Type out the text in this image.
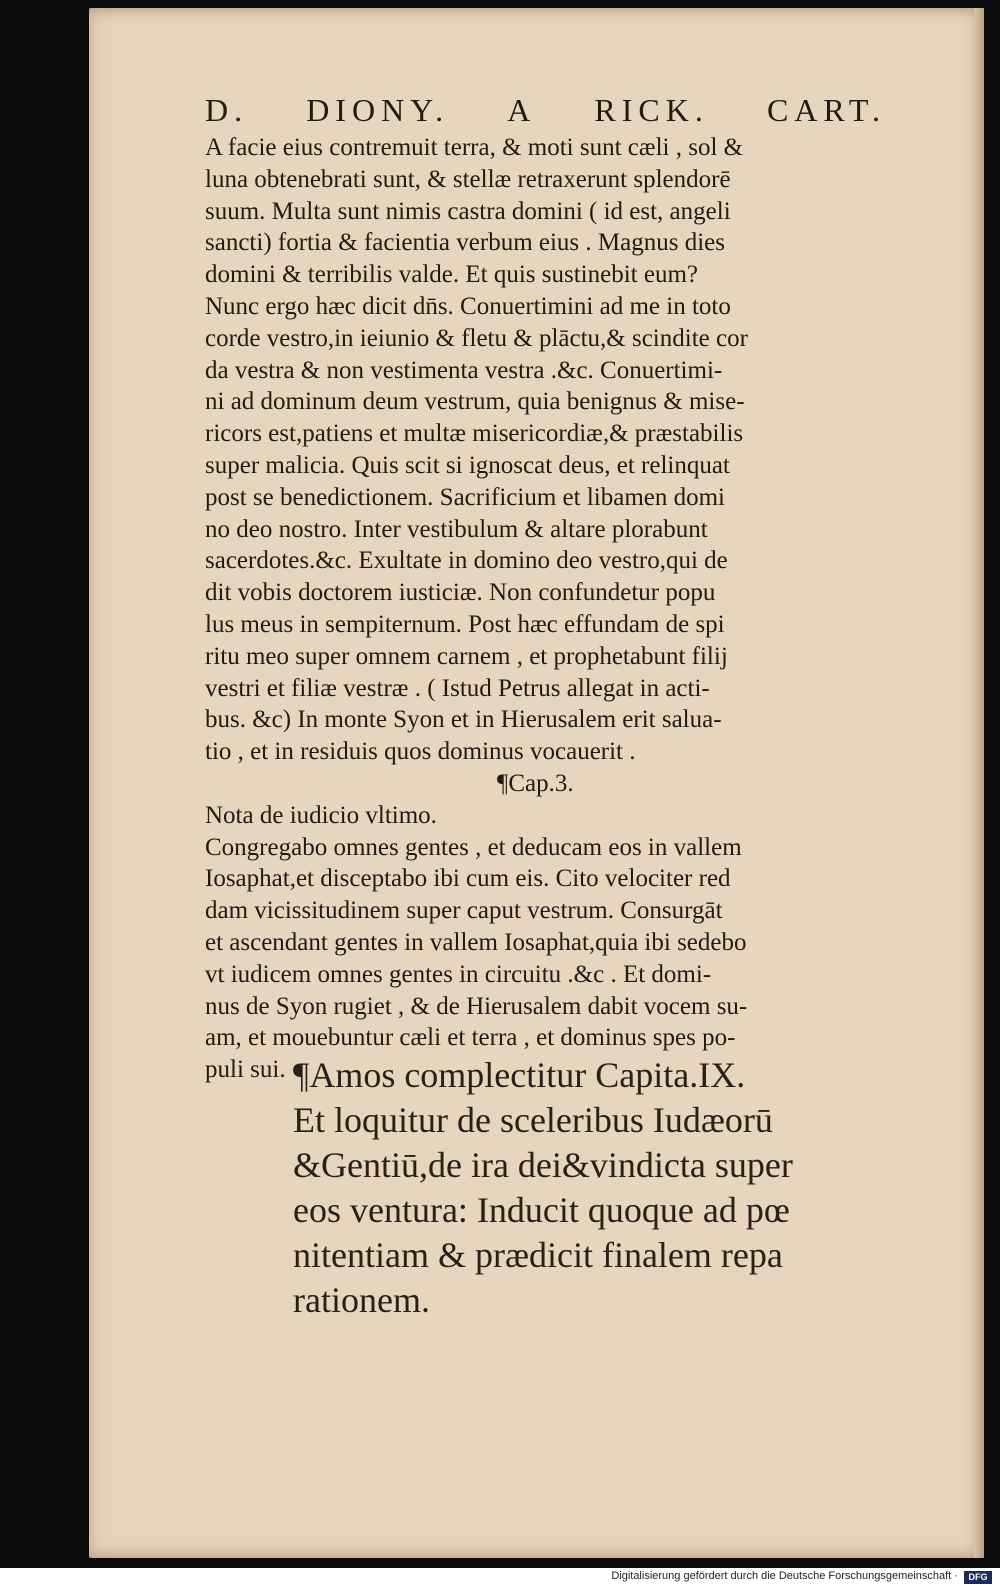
D. DIONY. A RICK. CART.
A facie eius contremuit terra, & moti sunt cæli , sol &
luna obtenebrati sunt, & stellæ retraxerunt splendorē
suum. Multa sunt nimis castra domini ( id est, angeli
sancti) fortia & facientia verbum eius . Magnus dies
domini & terribilis valde. Et quis sustinebit eum?
Nunc ergo hæc dicit dn̄s. Conuertimini ad me in toto
corde vestro,in ieiunio & fletu & plāctu,& scindite cor
da vestra & non vestimenta vestra .&c. Conuertimi-
ni ad dominum deum vestrum, quia benignus & mise-
ricors est,patiens et multæ misericordiæ,& præstabilis
super malicia. Quis scit si ignoscat deus, et relinquat
post se benedictionem. Sacrificium et libamen domi
no deo nostro. Inter vestibulum & altare plorabunt
sacerdotes.&c. Exultate in domino deo vestro,qui de
dit vobis doctorem iusticiæ. Non confundetur popu
lus meus in sempiternum. Post hæc effundam de spi
ritu meo super omnem carnem , et prophetabunt filij
vestri et filiæ vestræ . ( Istud Petrus allegat in acti-
bus. &c) In monte Syon et in Hierusalem erit salua-
tio , et in residuis quos dominus vocauerit .
¶Cap.3.
Nota de iudicio vltimo.
Congregabo omnes gentes , et deducam eos in vallem
Iosaphat,et disceptabo ibi cum eis. Cito velociter red
dam vicissitudinem super caput vestrum. Consurgāt
et ascendant gentes in vallem Iosaphat,quia ibi sedebo
vt iudicem omnes gentes in circuitu .&c . Et domi-
nus de Syon rugiet , & de Hierusalem dabit vocem su-
am, et mouebuntur cæli et terra , et dominus spes po-
puli sui. ¶Amos complectitur Capita.IX.
Et loquitur de sceleribus Iudæorū
&Gentiū,de ira dei&vindicta super
eos ventura: Inducit quoque ad pœ
nitentiam & prædicit finalem repa
rationem.
Digitalisierung gefördert durch die Deutsche Forschungsgemeinschaft ·	DFG
